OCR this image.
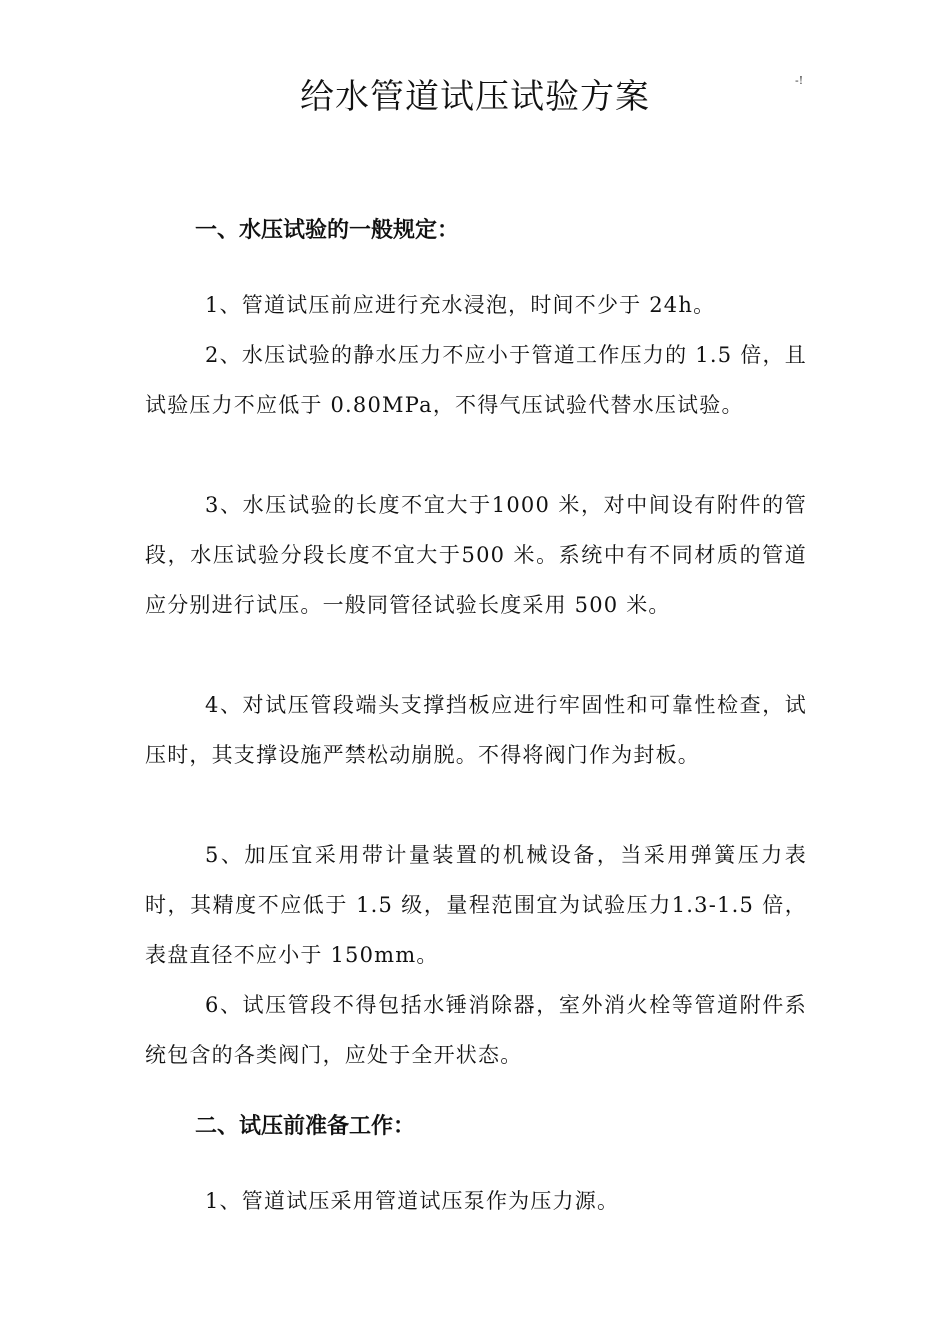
-!
给水管道试压试验方案
一、水压试验的一般规定：

1、管道试压前应进行充水浸泡，时间不少于 24h。

2、水压试验的静水压力不应小于管道工作压力的 1.5 倍，且试验压力不应低于 0.80MPa，不得气压试验代替水压试验。

3、水压试验的长度不宜大于1000 米，对中间设有附件的管段，水压试验分段长度不宜大于500 米。系统中有不同材质的管道应分别进行试压。一般同管径试验长度采用 500 米。

4、对试压管段端头支撑挡板应进行牢固性和可靠性检查，试压时，其支撑设施严禁松动崩脱。不得将阀门作为封板。

5、加压宜采用带计量装置的机械设备，当采用弹簧压力表时，其精度不应低于 1.5 级，量程范围宜为试验压力1.3-1.5 倍，表盘直径不应小于 150mm。

6、试压管段不得包括水锤消除器，室外消火栓等管道附件系统包含的各类阀门，应处于全开状态。

二、试压前准备工作：

1、管道试压采用管道试压泵作为压力源。
